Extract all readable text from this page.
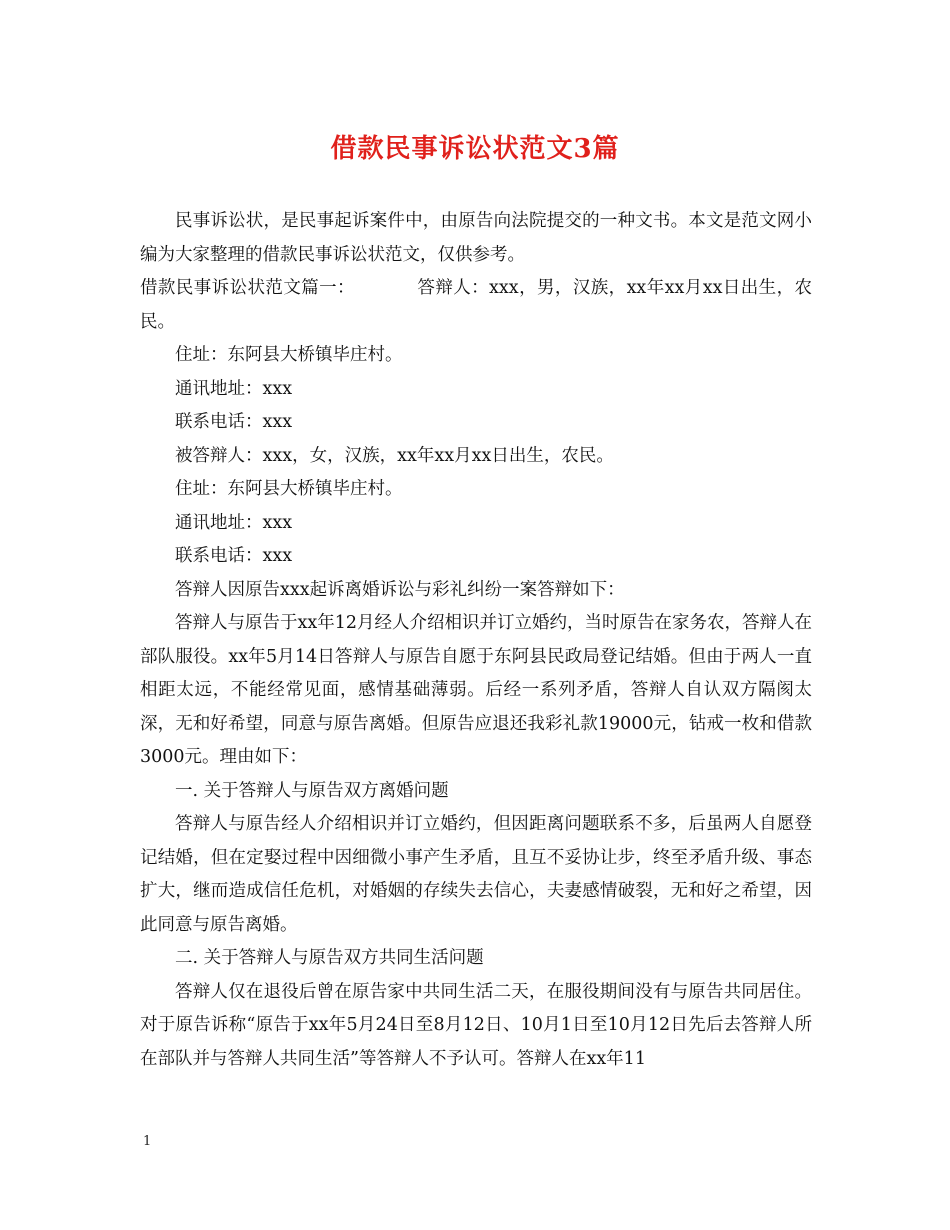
借款民事诉讼状范文3篇

民事诉讼状，是民事起诉案件中，由原告向法院提交的一种文书。本文是范文网小编为大家整理的借款民事诉讼状范文，仅供参考。

借款民事诉讼状范文篇一：	答辩人：xxx，男，汉族，xx年xx月xx日出生，农民。

住址：东阿县大桥镇毕庄村。

通讯地址：xxx

联系电话：xxx

被答辩人：xxx，女，汉族，xx年xx月xx日出生，农民。

住址：东阿县大桥镇毕庄村。

通讯地址：xxx

联系电话：xxx

答辩人因原告xxx起诉离婚诉讼与彩礼纠纷一案答辩如下：

答辩人与原告于xx年12月经人介绍相识并订立婚约，当时原告在家务农，答辩人在部队服役。xx年5月14日答辩人与原告自愿于东阿县民政局登记结婚。但由于两人一直相距太远，不能经常见面，感情基础薄弱。后经一系列矛盾，答辩人自认双方隔阂太深，无和好希望，同意与原告离婚。但原告应退还我彩礼款19000元，钻戒一枚和借款3000元。理由如下：

一. 关于答辩人与原告双方离婚问题

答辩人与原告经人介绍相识并订立婚约，但因距离问题联系不多，后虽两人自愿登记结婚，但在定娶过程中因细微小事产生矛盾，且互不妥协让步，终至矛盾升级、事态扩大，继而造成信任危机，对婚姻的存续失去信心，夫妻感情破裂，无和好之希望，因此同意与原告离婚。

二. 关于答辩人与原告双方共同生活问题

答辩人仅在退役后曾在原告家中共同生活二天，在服役期间没有与原告共同居住。对于原告诉称“原告于xx年5月24日至8月12日、10月1日至10月12日先后去答辩人所在部队并与答辩人共同生活”等答辩人不予认可。答辩人在xx年11

1
